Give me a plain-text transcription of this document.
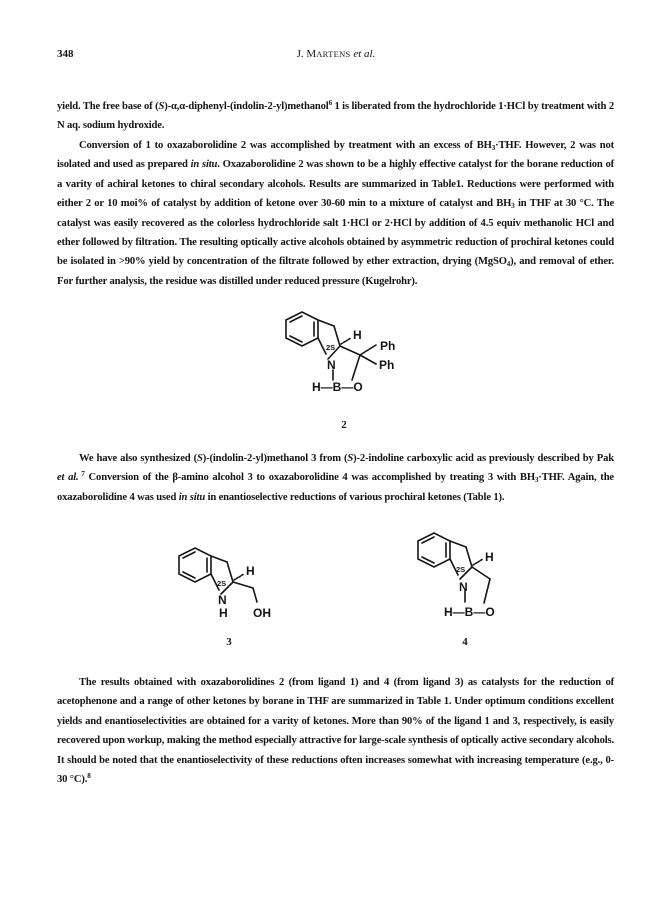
348	J. MARTENS et al.

yield. The free base of (S)-α,α-diphenyl-(indolin-2-yl)methanol$^6$ 1 is liberated from the hydrochloride 1·HCl by treatment with 2 N aq. sodium hydroxide.

Conversion of 1 to oxazaborolidine 2 was accomplished by treatment with an excess of $BH_3\cdot THF$. However, 2 was not isolated and used as prepared in situ. Oxazaborolidine 2 was shown to be a highly effective catalyst for the borane reduction of a varity of achiral ketones to chiral secondary alcohols. Results are summarized in Table1. Reductions were performed with either 2 or 10 moi% of catalyst by addition of ketone over 30-60 min to a mixture of catalyst and $BH_3$ in THF at 30 °C. The catalyst was easily recovered as the colorless hydrochloride salt 1·HCl or 2·HCl by addition of 4.5 equiv methanolic HCl and ether followed by filtration. The resulting optically active alcohols obtained by asymmetric reduction of prochiral ketones could be isolated in >90% yield by concentration of the filtrate followed by ether extraction, drying (MgSO$_4$), and removal of ether. For further analysis, the residue was distilled under reduced pressure (Kugelrohr).

2S
H
N
Ph
Ph
H—B—O
2

We have also synthesized (S)-(indolin-2-yl)methanol 3 from (S)-2-indoline carboxylic acid as previously described by Pak et al. $^7$ Conversion of the β-amino alcohol 3 to oxazaborolidine 4 was accomplished by treating 3 with $BH_3\cdot THF$. Again, the oxazaborolidine 4 was used in situ in enantioselective reductions of various prochiral ketones (Table 1).

2S
H
N
H OH
3
2S
H
N
H—B—O
4

The results obtained with oxazaborolidines 2 (from ligand 1) and 4 (from ligand 3) as catalysts for the reduction of acetophenone and a range of other ketones by borane in THF are summarized in Table 1. Under optimum conditions excellent yields and enantioselectivities are obtained for a varity of ketones. More than 90% of the ligand 1 and 3, respectively, is easily recovered upon workup, making the method especially attractive for large-scale synthesis of optically active secondary alcohols. It should be noted that the enantioselectivity of these reductions often increases somewhat with increasing temperature (e.g., 0-30 °C).$^8$
